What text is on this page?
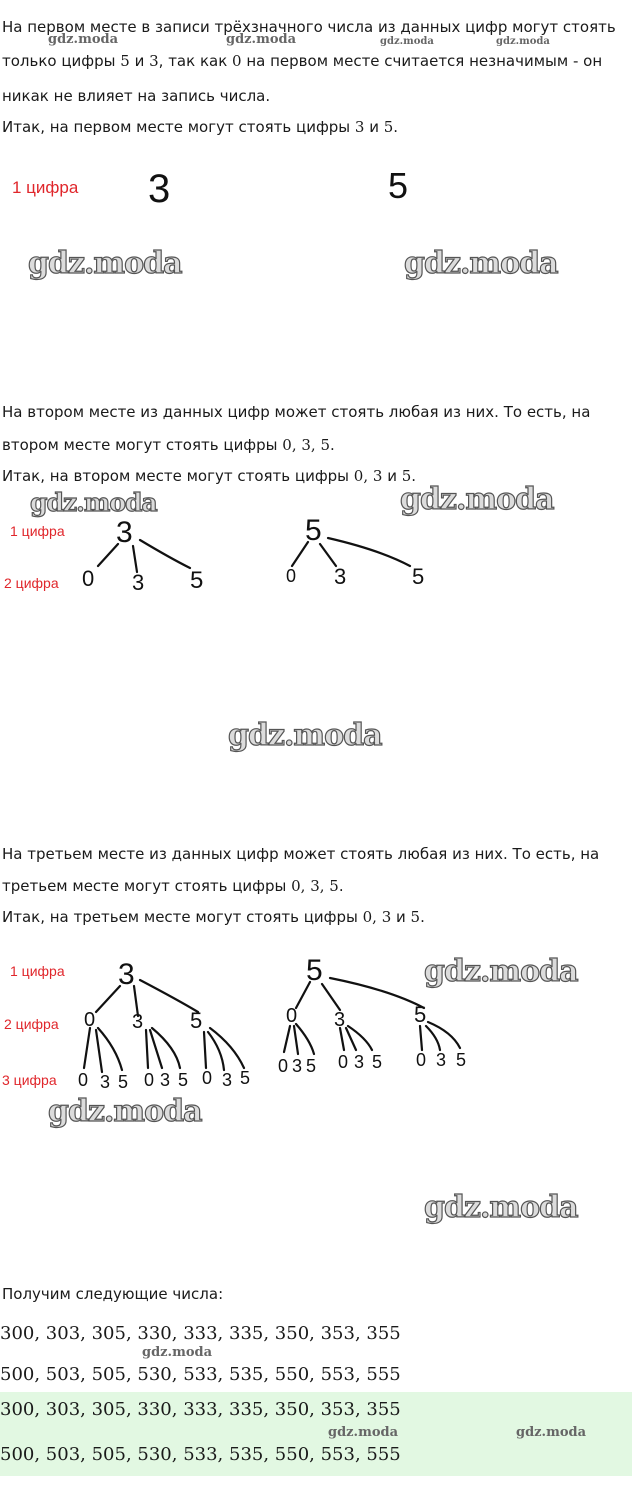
На первом месте в записи трёхзначного числа из данных цифр могут стоять
только цифры 5 и 3, так как 0 на первом месте считается незначимым - он
никак не влияет на запись числа.
Итак, на первом месте могут стоять цифры 3 и 5.
1 цифра 3	5
На втором месте из данных цифр может стоять любая из них. То есть, на
втором месте могут стоять цифры 0, 3, 5.
Итак, на втором месте могут стоять цифры 0, 3 и 5.
1 цифра
2 цифра
3
0 3 5
5
0 3	5
На третьем месте из данных цифр может стоять любая из них. То есть, на
третьем месте могут стоять цифры 0, 3, 5.
Итак, на третьем месте могут стоять цифры 0, 3 и 5.
1 цифра
2 цифра
3 цифра
3
0 3 5
0 3 5 0 3 5 0 3 5
5
0 3	5
0 3 5 0 3 5 0 3 5
Получим следующие числа:
300, 303, 305, 330, 333, 335, 350, 353, 355
500, 503, 505, 530, 533, 535, 550, 553, 555
300, 303, 305, 330, 333, 335, 350, 353, 355
500, 503, 505, 530, 533, 535, 550, 553, 555
gdz.moda	gdz.moda	gdz.moda	gdz.moda
gdz.moda	gdz.moda
gdz.moda	gdz.moda
gdz.moda
gdz.moda
gdz.moda
gdz.moda
gdz.moda
gdz.moda	gdz.moda
